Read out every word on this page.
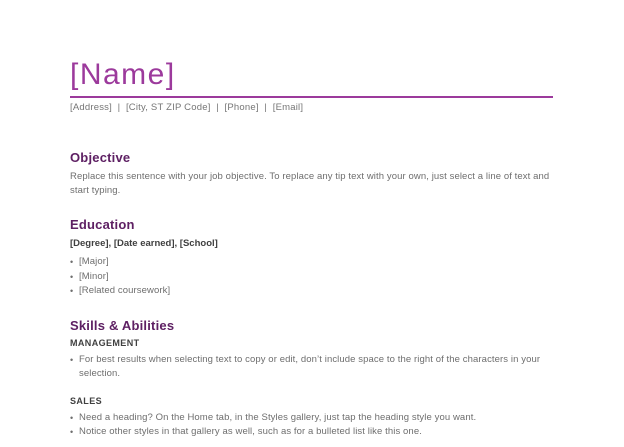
[Name]
[Address]  |  [City, ST ZIP Code]  |  [Phone]  |  [Email]
Objective
Replace this sentence with your job objective. To replace any tip text with your own, just select a line of text and start typing.
Education
[Degree], [Date earned], [School]
• [Major]
• [Minor]
• [Related coursework]
Skills & Abilities
MANAGEMENT
• For best results when selecting text to copy or edit, don’t include space to the right of the characters in your selection.
SALES
• Need a heading? On the Home tab, in the Styles gallery, just tap the heading style you want.
• Notice other styles in that gallery as well, such as for a bulleted list like this one.
